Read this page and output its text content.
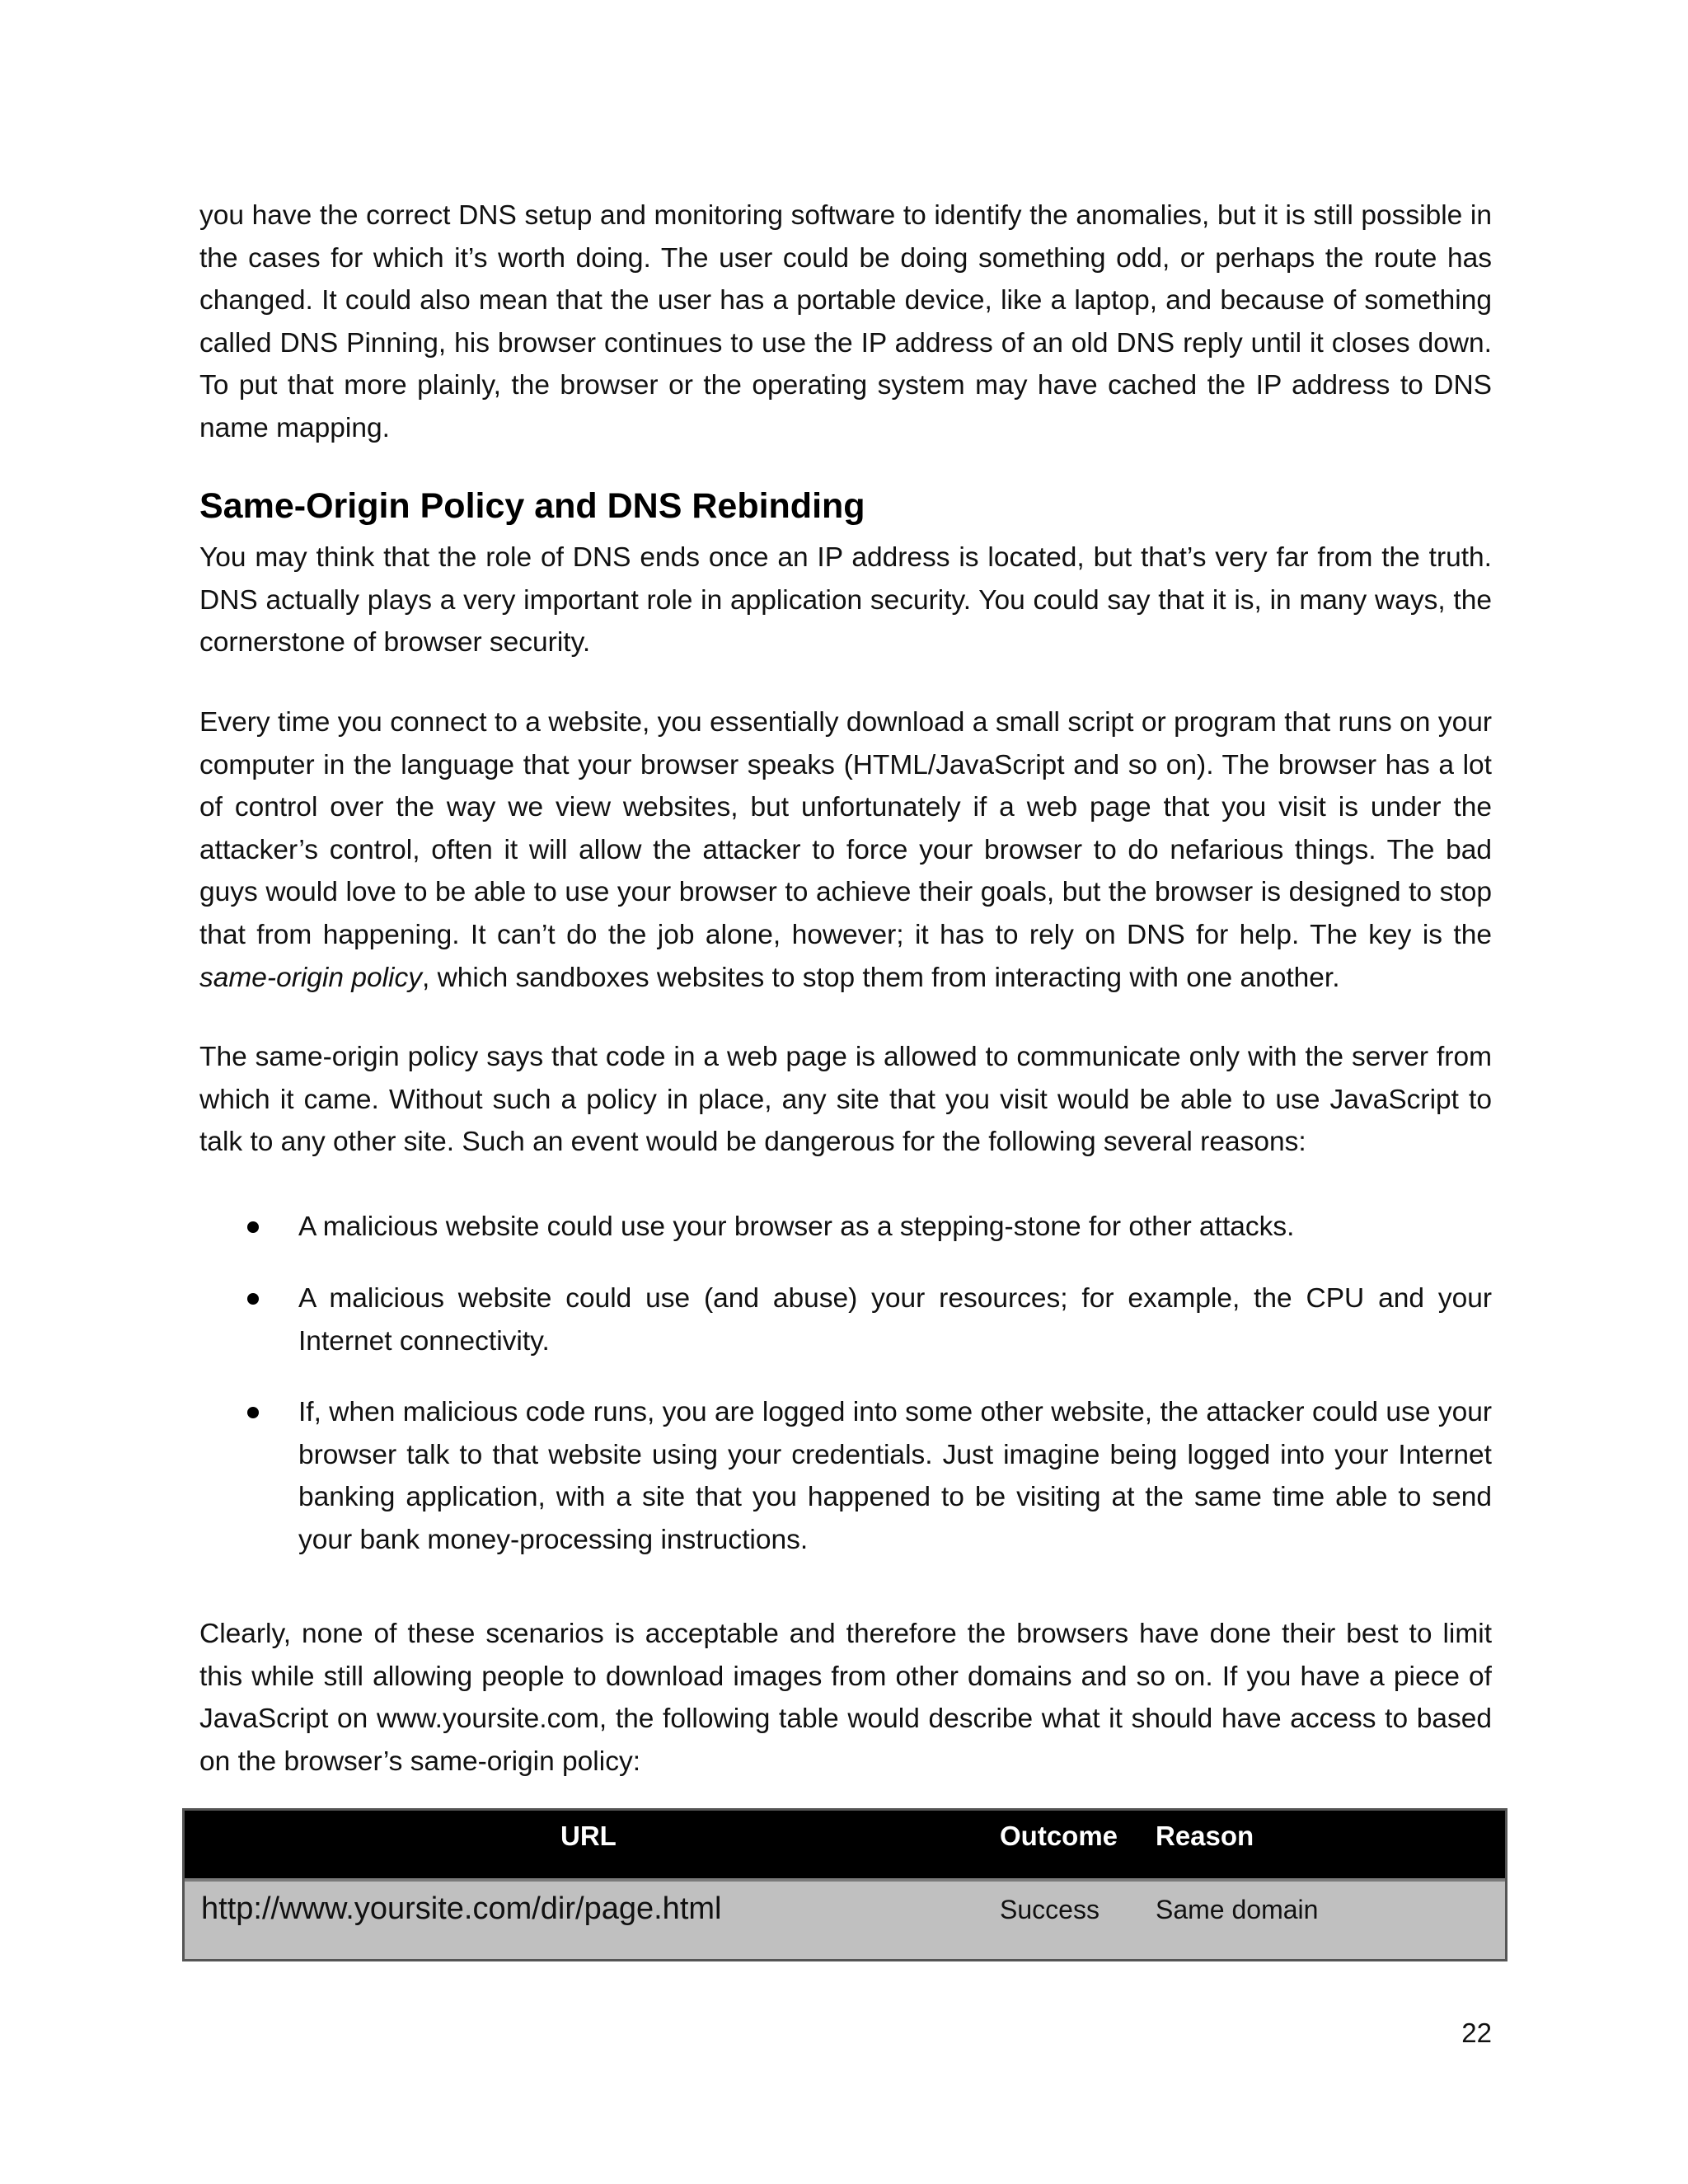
you have the correct DNS setup and monitoring software to identify the anomalies, but it is still possible in the cases for which it’s worth doing. The user could be doing something odd, or perhaps the route has changed. It could also mean that the user has a portable device, like a laptop, and because of something called DNS Pinning, his browser continues to use the IP address of an old DNS reply until it closes down. To put that more plainly, the browser or the operating system may have cached the IP address to DNS name mapping.

Same-Origin Policy and DNS Rebinding

You may think that the role of DNS ends once an IP address is located, but that’s very far from the truth. DNS actually plays a very important role in application security. You could say that it is, in many ways, the cornerstone of browser security.

Every time you connect to a website, you essentially download a small script or program that runs on your computer in the language that your browser speaks (HTML/JavaScript and so on). The browser has a lot of control over the way we view websites, but unfortunately if a web page that you visit is under the attacker’s control, often it will allow the attacker to force your browser to do nefarious things. The bad guys would love to be able to use your browser to achieve their goals, but the browser is designed to stop that from happening. It can’t do the job alone, however; it has to rely on DNS for help. The key is the same-origin policy, which sandboxes websites to stop them from interacting with one another.

The same-origin policy says that code in a web page is allowed to communicate only with the server from which it came. Without such a policy in place, any site that you visit would be able to use JavaScript to talk to any other site. Such an event would be dangerous for the following several reasons:

A malicious website could use your browser as a stepping-stone for other attacks.

A malicious website could use (and abuse) your resources; for example, the CPU and your Internet connectivity.

If, when malicious code runs, you are logged into some other website, the attacker could use your browser talk to that website using your credentials. Just imagine being logged into your Internet banking application, with a site that you happened to be visiting at the same time able to send your bank money-processing instructions.

Clearly, none of these scenarios is acceptable and therefore the browsers have done their best to limit this while still allowing people to download images from other domains and so on. If you have a piece of JavaScript on www.yoursite.com, the following table would describe what it should have access to based on the browser’s same-origin policy:

URL	Outcome Reason
http://www.yoursite.com/dir/page.html	Success Same domain
22
